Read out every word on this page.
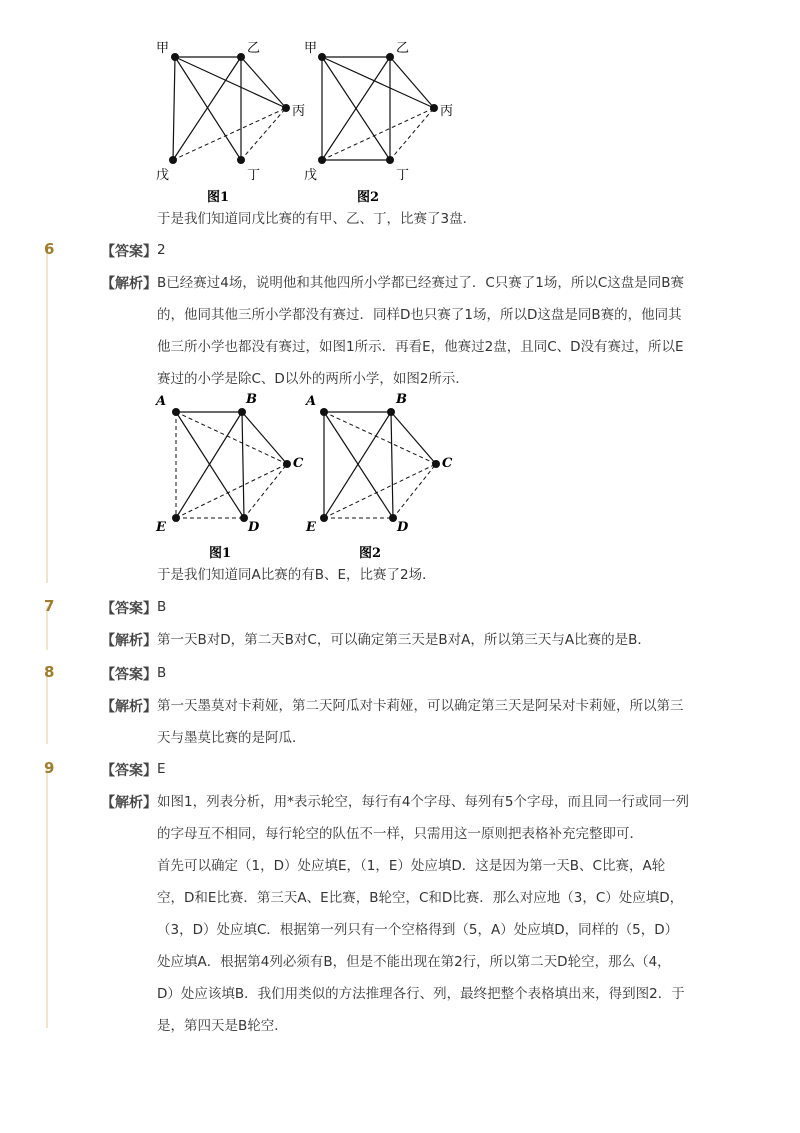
甲	乙
丙
戊	丁
图1
甲	乙
丙
戊	丁
图2
于是我们知道同戊比赛的有甲、乙、丁，比赛了3盘．
6	【答案】 2
【解析】 B已经赛过4场，说明他和其他四所小学都已经赛过了．C只赛了1场，所以C这盘是同B赛
的，他同其他三所小学都没有赛过．同样D也只赛了1场，所以D这盘是同B赛的，他同其
他三所小学也都没有赛过，如图1所示．再看E，他赛过2盘，且同C、D没有赛过，所以E
赛过的小学是除C、D以外的两所小学，如图2所示．
A	B
C
E	D
图1
A	B
C
E	D
图2
于是我们知道同A比赛的有B、E，比赛了2场．
7	【答案】 B
【解析】 第一天B对D，第二天B对C，可以确定第三天是B对A，所以第三天与A比赛的是B．
8	【答案】 B
【解析】 第一天墨莫对卡莉娅，第二天阿瓜对卡莉娅，可以确定第三天是阿呆对卡莉娅，所以第三
天与墨莫比赛的是阿瓜．
9	【答案】 E
【解析】 如图1，列表分析，用*表示轮空，每行有4个字母、每列有5个字母，而且同一行或同一列
的字母互不相同，每行轮空的队伍不一样，只需用这一原则把表格补充完整即可．
首先可以确定（1，D）处应填E，（1，E）处应填D．这是因为第一天B、C比赛，A轮
空，D和E比赛．第三天A、E比赛，B轮空，C和D比赛．那么对应地（3，C）处应填D，
（3，D）处应填C．根据第一列只有一个空格得到（5，A）处应填D，同样的（5，D）
处应填A．根据第4列必须有B，但是不能出现在第2行，所以第二天D轮空，那么（4，
D）处应该填B．我们用类似的方法推理各行、列，最终把整个表格填出来，得到图2．于
是，第四天是B轮空．
